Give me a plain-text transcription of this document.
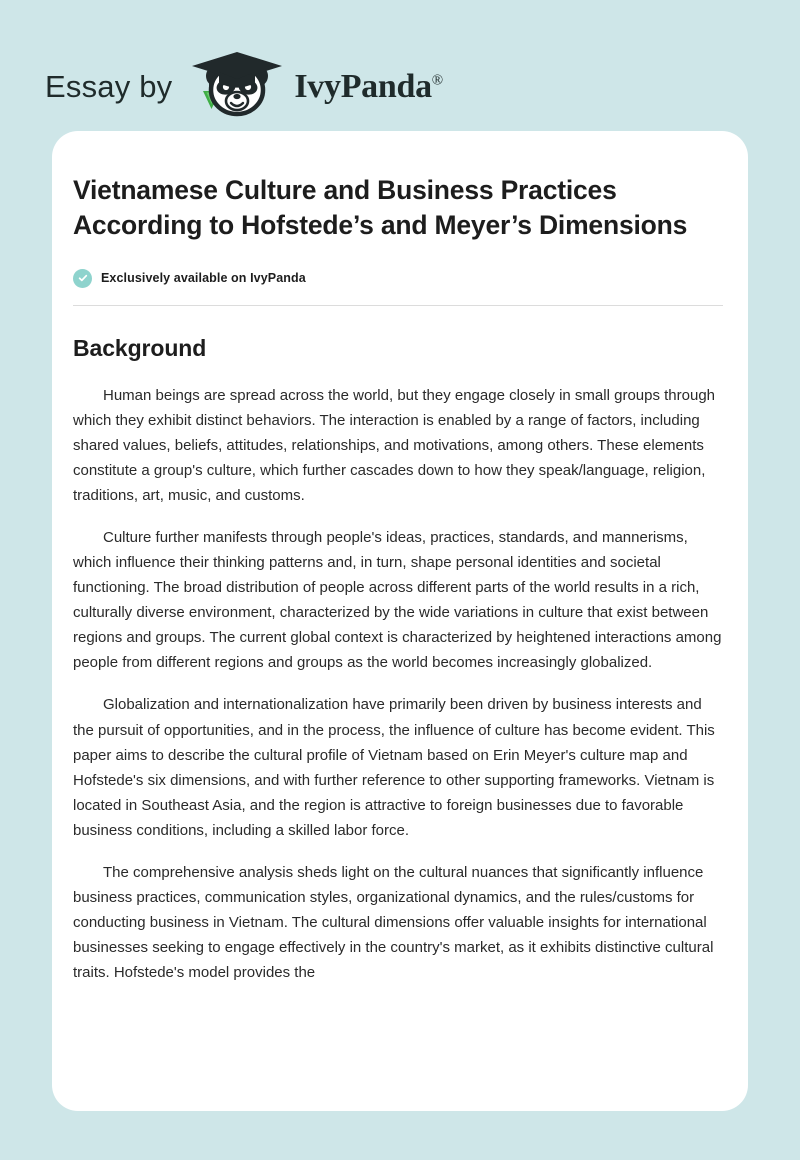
Essay by	IvyPanda®
Vietnamese Culture and Business Practices According to Hofstede’s and Meyer’s Dimensions
Exclusively available on IvyPanda
Background

Human beings are spread across the world, but they engage closely in small groups through which they exhibit distinct behaviors. The interaction is enabled by a range of factors, including shared values, beliefs, attitudes, relationships, and motivations, among others. These elements constitute a group's culture, which further cascades down to how they speak/language, religion, traditions, art, music, and customs.

Culture further manifests through people's ideas, practices, standards, and mannerisms, which influence their thinking patterns and, in turn, shape personal identities and societal functioning. The broad distribution of people across different parts of the world results in a rich, culturally diverse environment, characterized by the wide variations in culture that exist between regions and groups. The current global context is characterized by heightened interactions among people from different regions and groups as the world becomes increasingly globalized.

Globalization and internationalization have primarily been driven by business interests and the pursuit of opportunities, and in the process, the influence of culture has become evident. This paper aims to describe the cultural profile of Vietnam based on Erin Meyer's culture map and Hofstede's six dimensions, and with further reference to other supporting frameworks. Vietnam is located in Southeast Asia, and the region is attractive to foreign businesses due to favorable business conditions, including a skilled labor force.

The comprehensive analysis sheds light on the cultural nuances that significantly influence business practices, communication styles, organizational dynamics, and the rules/customs for conducting business in Vietnam. The cultural dimensions offer valuable insights for international businesses seeking to engage effectively in the country's market, as it exhibits distinctive cultural traits. Hofstede's model provides the
